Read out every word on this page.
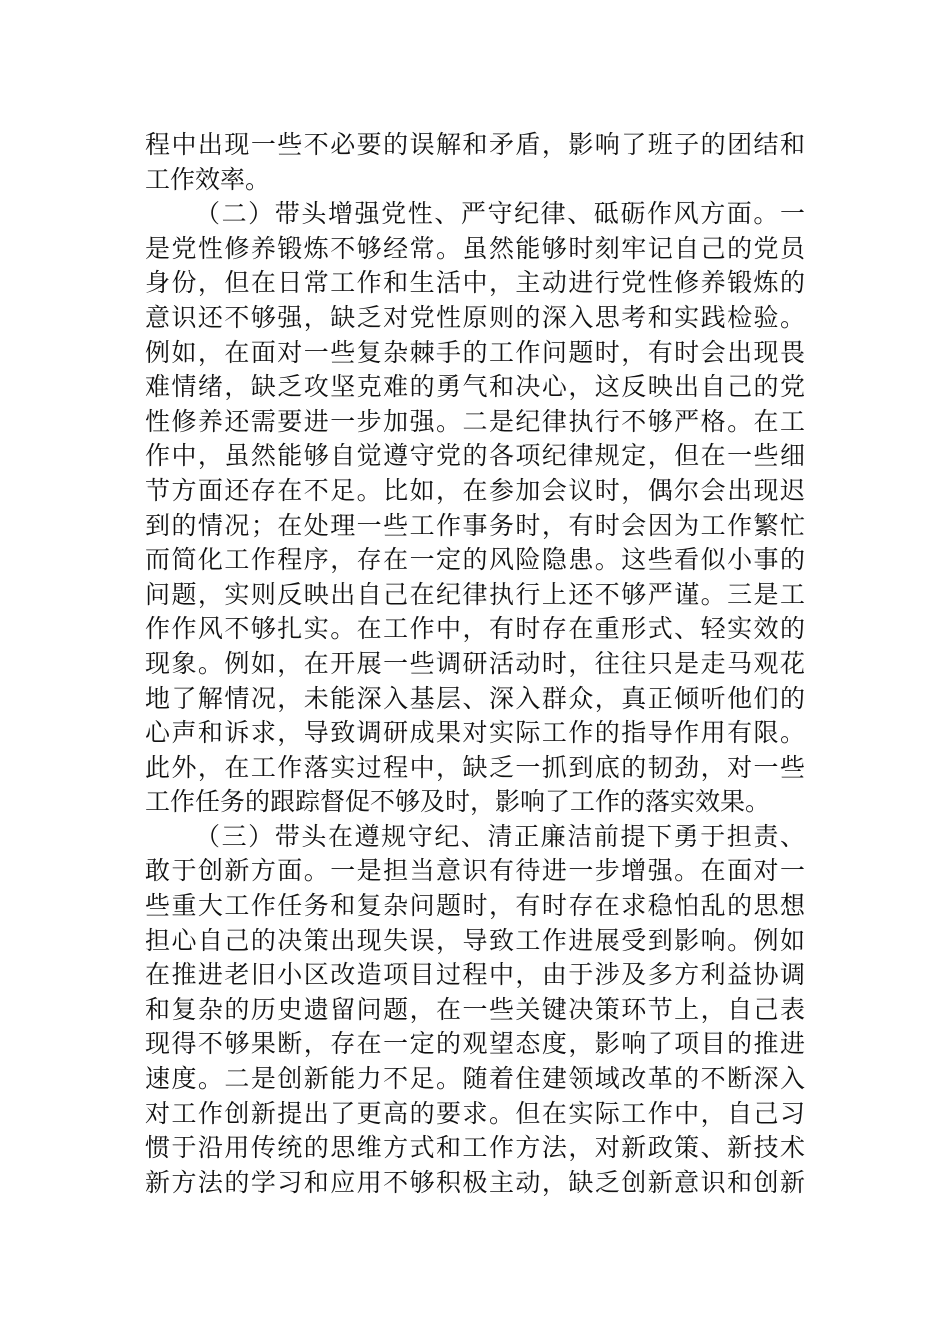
程中出现一些不必要的误解和矛盾，影响了班子的团结和
工作效率。
（二）带头增强党性、严守纪律、砥砺作风方面。一
是党性修养锻炼不够经常。虽然能够时刻牢记自己的党员
身份，但在日常工作和生活中，主动进行党性修养锻炼的
意识还不够强，缺乏对党性原则的深入思考和实践检验。
例如，在面对一些复杂棘手的工作问题时，有时会出现畏
难情绪，缺乏攻坚克难的勇气和决心，这反映出自己的党
性修养还需要进一步加强。二是纪律执行不够严格。在工
作中，虽然能够自觉遵守党的各项纪律规定，但在一些细
节方面还存在不足。比如，在参加会议时，偶尔会出现迟
到的情况；在处理一些工作事务时，有时会因为工作繁忙
而简化工作程序，存在一定的风险隐患。这些看似小事的
问题，实则反映出自己在纪律执行上还不够严谨。三是工
作作风不够扎实。在工作中，有时存在重形式、轻实效的
现象。例如，在开展一些调研活动时，往往只是走马观花
地了解情况，未能深入基层、深入群众，真正倾听他们的
心声和诉求，导致调研成果对实际工作的指导作用有限。
此外，在工作落实过程中，缺乏一抓到底的韧劲，对一些
工作任务的跟踪督促不够及时，影响了工作的落实效果。
（三）带头在遵规守纪、清正廉洁前提下勇于担责、
敢于创新方面。一是担当意识有待进一步增强。在面对一
些重大工作任务和复杂问题时，有时存在求稳怕乱的思想
担心自己的决策出现失误，导致工作进展受到影响。例如
在推进老旧小区改造项目过程中，由于涉及多方利益协调
和复杂的历史遗留问题，在一些关键决策环节上，自己表
现得不够果断，存在一定的观望态度，影响了项目的推进
速度。二是创新能力不足。随着住建领域改革的不断深入
对工作创新提出了更高的要求。但在实际工作中，自己习
惯于沿用传统的思维方式和工作方法，对新政策、新技术
新方法的学习和应用不够积极主动，缺乏创新意识和创新
